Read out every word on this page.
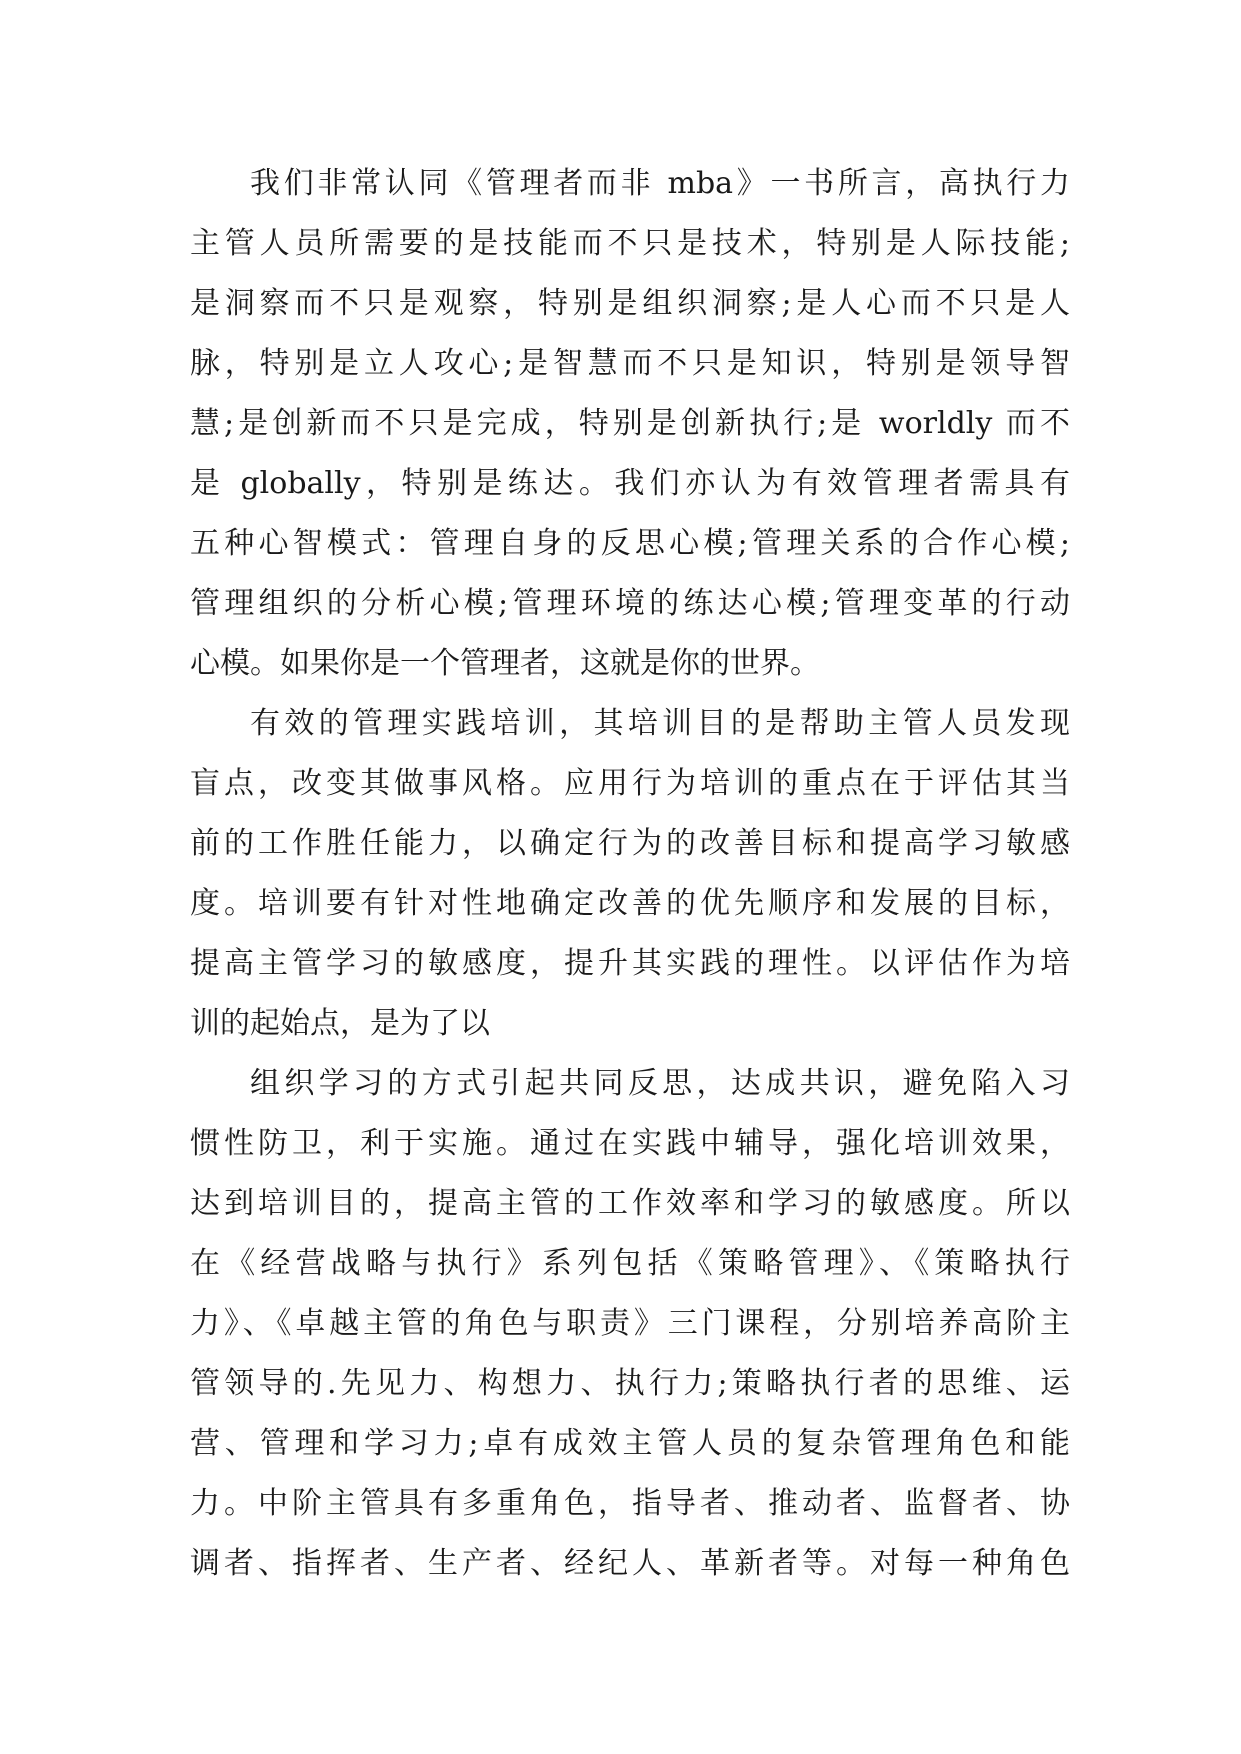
我们非常认同《管理者而非 mba》一书所言，高执行力
主管人员所需要的是技能而不只是技术，特别是人际技能;
是洞察而不只是观察，特别是组织洞察;是人心而不只是人
脉，特别是立人攻心;是智慧而不只是知识，特别是领导智
慧;是创新而不只是完成，特别是创新执行;是 worldly 而不
是 globally，特别是练达。我们亦认为有效管理者需具有
五种心智模式：管理自身的反思心模;管理关系的合作心模;
管理组织的分析心模;管理环境的练达心模;管理变革的行动
心模。如果你是一个管理者，这就是你的世界。
有效的管理实践培训，其培训目的是帮助主管人员发现
盲点，改变其做事风格。应用行为培训的重点在于评估其当
前的工作胜任能力，以确定行为的改善目标和提高学习敏感
度。培训要有针对性地确定改善的优先顺序和发展的目标，
提高主管学习的敏感度，提升其实践的理性。以评估作为培
训的起始点，是为了以
组织学习的方式引起共同反思，达成共识，避免陷入习
惯性防卫，利于实施。通过在实践中辅导，强化培训效果，
达到培训目的，提高主管的工作效率和学习的敏感度。所以
在《经营战略与执行》系列包括《策略管理》、《策略执行
力》、《卓越主管的角色与职责》三门课程，分别培养高阶主
管领导的.先见力、构想力、执行力;策略执行者的思维、运
营、管理和学习力;卓有成效主管人员的复杂管理角色和能
力。中阶主管具有多重角色，指导者、推动者、监督者、协
调者、指挥者、生产者、经纪人、革新者等。对每一种角色
